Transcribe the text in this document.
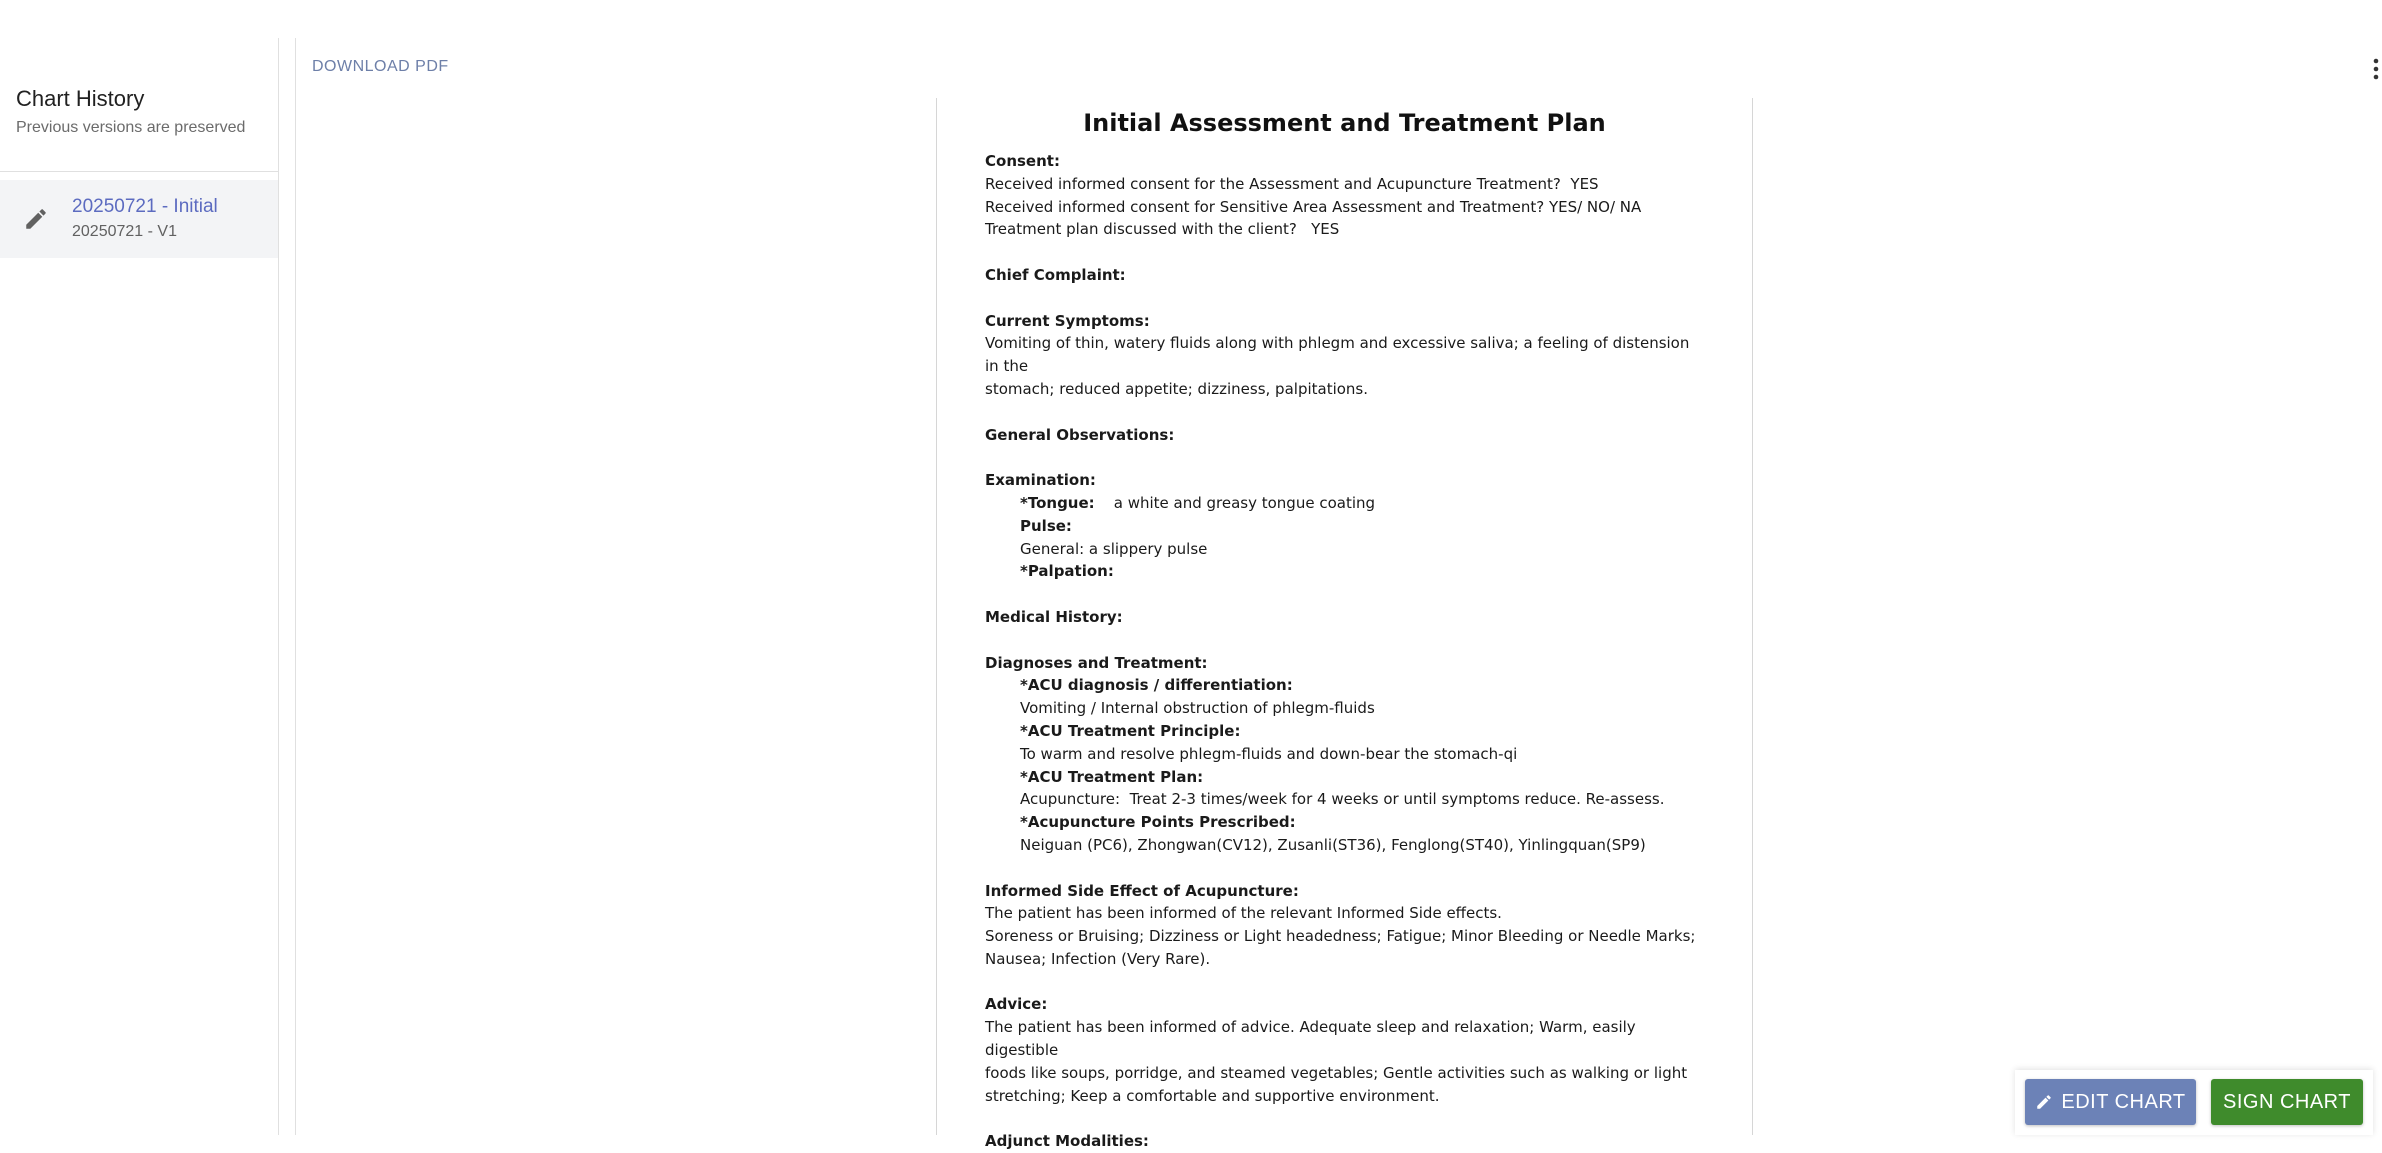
Chart History
Previous versions are preserved
20250721 - Initial
20250721 - V1
DOWNLOAD PDF
Initial Assessment and Treatment Plan
Consent:
Received informed consent for the Assessment and Acupuncture Treatment?  YES
Received informed consent for Sensitive Area Assessment and Treatment? YES/ NO/ NA
Treatment plan discussed with the client?   YES
Chief Complaint:
Current Symptoms:
Vomiting of thin, watery fluids along with phlegm and excessive saliva; a feeling of distension in the
stomach; reduced appetite; dizziness, palpitations.
General Observations:
Examination:
*Tongue: a white and greasy tongue coating
Pulse:
General: a slippery pulse
*Palpation:
Medical History:
Diagnoses and Treatment:
*ACU diagnosis / differentiation:
Vomiting / Internal obstruction of phlegm-fluids
*ACU Treatment Principle:
To warm and resolve phlegm-fluids and down-bear the stomach-qi
*ACU Treatment Plan:
Acupuncture:  Treat 2-3 times/week for 4 weeks or until symptoms reduce. Re-assess.
*Acupuncture Points Prescribed:
Neiguan (PC6), Zhongwan(CV12), Zusanli(ST36), Fenglong(ST40), Yinlingquan(SP9)
Informed Side Effect of Acupuncture:
The patient has been informed of the relevant Informed Side effects.
Soreness or Bruising; Dizziness or Light headedness; Fatigue; Minor Bleeding or Needle Marks;
Nausea; Infection (Very Rare).
Advice:
The patient has been informed of advice. Adequate sleep and relaxation; Warm, easily digestible
foods like soups, porridge, and steamed vegetables; Gentle activities such as walking or light
stretching; Keep a comfortable and supportive environment.
Adjunct Modalities:
EDIT CHART SIGN CHART
